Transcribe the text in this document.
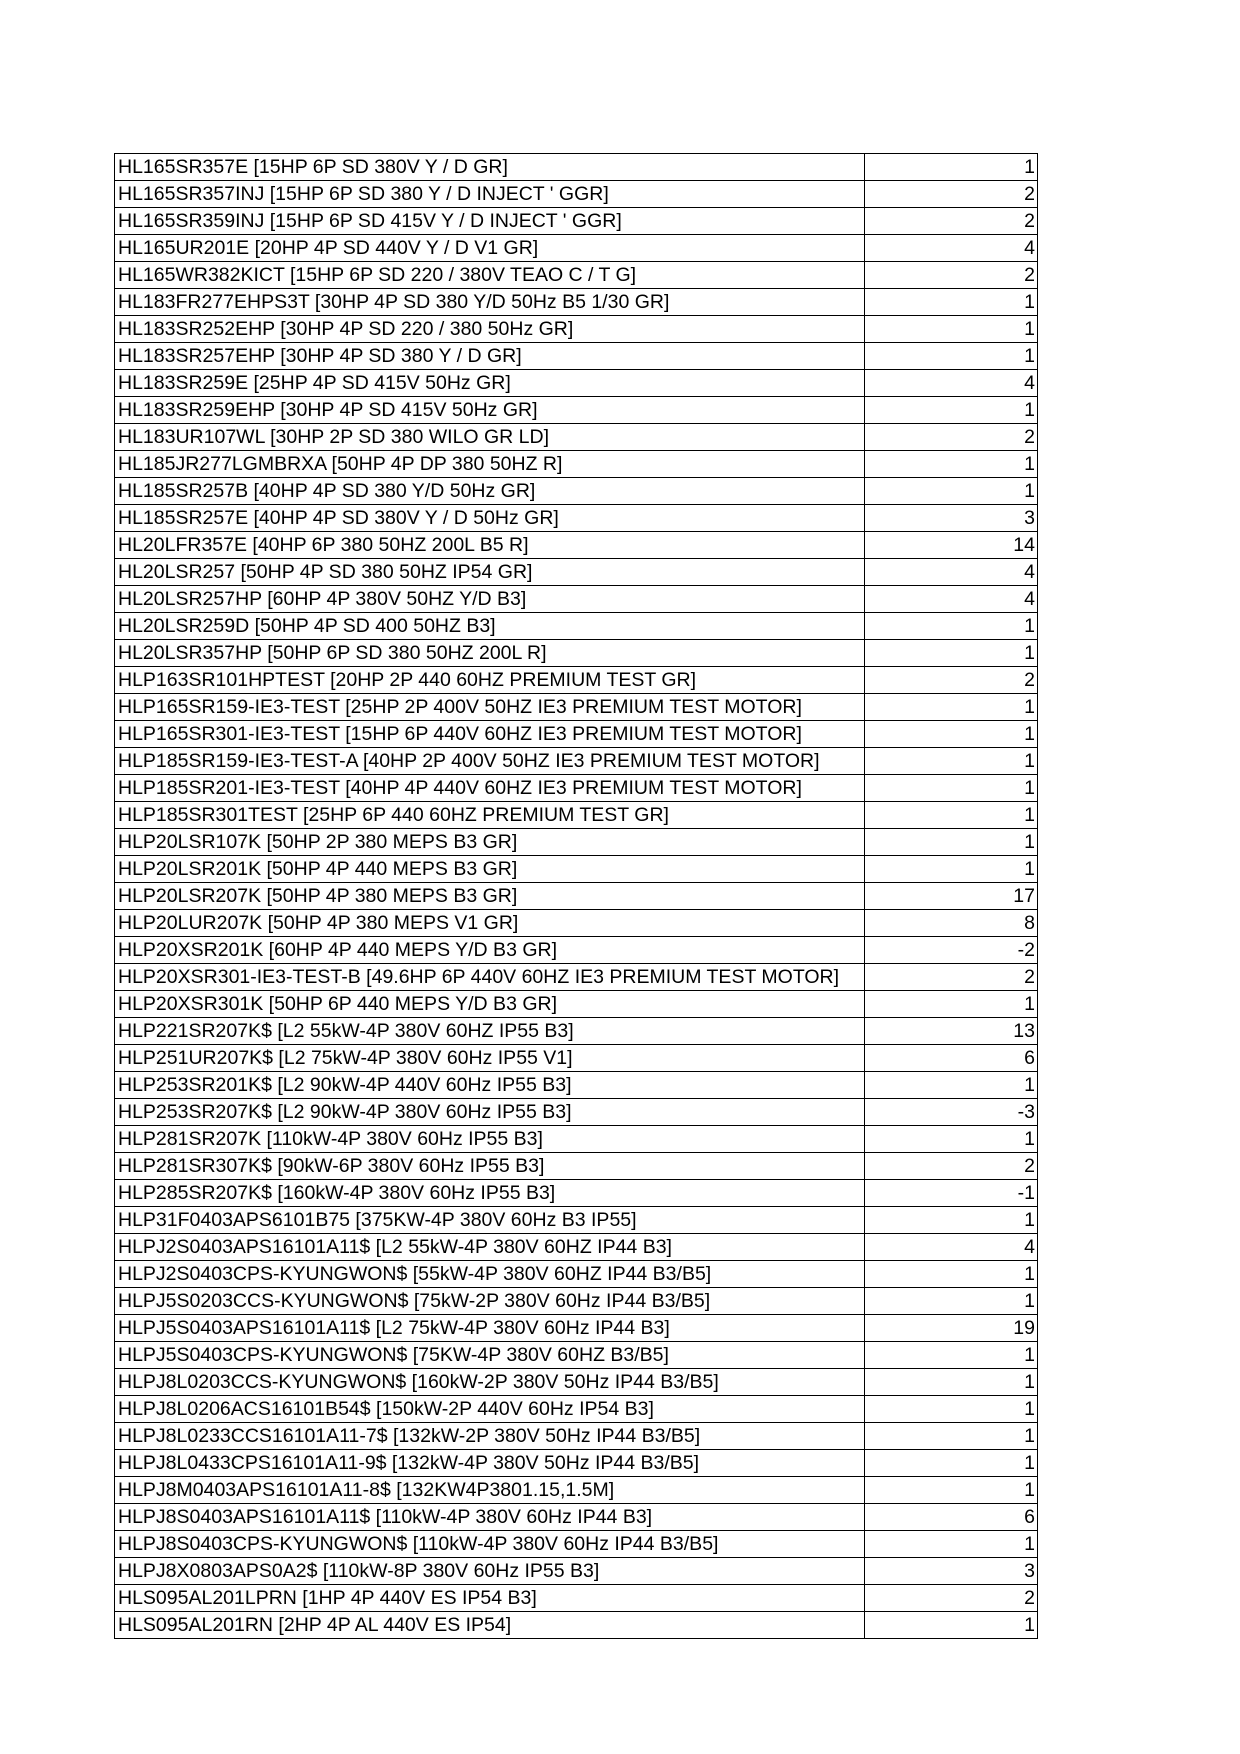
HL165SR357E [15HP 6P SD 380V Y / D GR]	1
HL165SR357INJ [15HP 6P SD 380 Y / D INJECT ' GGR]	2
HL165SR359INJ [15HP 6P SD 415V Y / D INJECT ' GGR]	2
HL165UR201E [20HP 4P SD 440V Y / D V1 GR]	4
HL165WR382KICT [15HP 6P SD 220 / 380V TEAO C / T G]	2
HL183FR277EHPS3T [30HP 4P SD 380 Y/D 50Hz B5 1/30 GR]	1
HL183SR252EHP [30HP 4P SD 220 / 380 50Hz GR]	1
HL183SR257EHP [30HP 4P SD 380 Y / D GR]	1
HL183SR259E [25HP 4P SD 415V 50Hz GR]	4
HL183SR259EHP [30HP 4P SD 415V 50Hz GR]	1
HL183UR107WL [30HP 2P SD 380 WILO GR LD]	2
HL185JR277LGMBRXA [50HP 4P DP 380 50HZ R]	1
HL185SR257B [40HP 4P SD 380 Y/D 50Hz GR]	1
HL185SR257E [40HP 4P SD 380V Y / D 50Hz GR]	3
HL20LFR357E [40HP 6P 380 50HZ 200L B5 R]	14
HL20LSR257 [50HP 4P SD 380 50HZ IP54 GR]	4
HL20LSR257HP [60HP 4P 380V 50HZ Y/D B3]	4
HL20LSR259D [50HP 4P SD 400 50HZ B3]	1
HL20LSR357HP [50HP 6P SD 380 50HZ 200L R]	1
HLP163SR101HPTEST [20HP 2P 440 60HZ PREMIUM TEST GR]	2
HLP165SR159-IE3-TEST [25HP 2P 400V 50HZ IE3 PREMIUM TEST MOTOR]	1
HLP165SR301-IE3-TEST [15HP 6P 440V 60HZ IE3 PREMIUM TEST MOTOR]	1
HLP185SR159-IE3-TEST-A [40HP 2P 400V 50HZ IE3 PREMIUM TEST MOTOR]	1
HLP185SR201-IE3-TEST [40HP 4P 440V 60HZ IE3 PREMIUM TEST MOTOR]	1
HLP185SR301TEST [25HP 6P 440 60HZ PREMIUM TEST GR]	1
HLP20LSR107K [50HP 2P 380 MEPS B3 GR]	1
HLP20LSR201K [50HP 4P 440 MEPS B3 GR]	1
HLP20LSR207K [50HP 4P 380 MEPS B3 GR]	17
HLP20LUR207K [50HP 4P 380 MEPS V1 GR]	8
HLP20XSR201K [60HP 4P 440 MEPS Y/D B3 GR]	-2
HLP20XSR301-IE3-TEST-B [49.6HP 6P 440V 60HZ IE3 PREMIUM TEST MOTOR]	2
HLP20XSR301K [50HP 6P 440 MEPS Y/D B3 GR]	1
HLP221SR207K$ [L2 55kW-4P 380V 60HZ IP55 B3]	13
HLP251UR207K$ [L2 75kW-4P 380V 60Hz IP55 V1]	6
HLP253SR201K$ [L2 90kW-4P 440V 60Hz IP55 B3]	1
HLP253SR207K$ [L2 90kW-4P 380V 60Hz IP55 B3]	-3
HLP281SR207K [110kW-4P 380V 60Hz IP55 B3]	1
HLP281SR307K$ [90kW-6P 380V 60Hz IP55 B3]	2
HLP285SR207K$ [160kW-4P 380V 60Hz IP55 B3]	-1
HLP31F0403APS6101B75 [375KW-4P 380V 60Hz B3 IP55]	1
HLPJ2S0403APS16101A11$ [L2 55kW-4P 380V 60HZ IP44 B3]	4
HLPJ2S0403CPS-KYUNGWON$ [55kW-4P 380V 60HZ IP44 B3/B5]	1
HLPJ5S0203CCS-KYUNGWON$ [75kW-2P 380V 60Hz IP44 B3/B5]	1
HLPJ5S0403APS16101A11$ [L2 75kW-4P 380V 60Hz IP44 B3]	19
HLPJ5S0403CPS-KYUNGWON$ [75KW-4P 380V 60HZ B3/B5]	1
HLPJ8L0203CCS-KYUNGWON$ [160kW-2P 380V 50Hz IP44 B3/B5]	1
HLPJ8L0206ACS16101B54$ [150kW-2P 440V 60Hz IP54 B3]	1
HLPJ8L0233CCS16101A11-7$ [132kW-2P 380V 50Hz IP44 B3/B5]	1
HLPJ8L0433CPS16101A11-9$ [132kW-4P 380V 50Hz IP44 B3/B5]	1
HLPJ8M0403APS16101A11-8$ [132KW4P3801.15,1.5M]	1
HLPJ8S0403APS16101A11$ [110kW-4P 380V 60Hz IP44 B3]	6
HLPJ8S0403CPS-KYUNGWON$ [110kW-4P 380V 60Hz IP44 B3/B5]	1
HLPJ8X0803APS0A2$ [110kW-8P 380V 60Hz IP55 B3]	3
HLS095AL201LPRN [1HP 4P 440V ES IP54 B3]	2
HLS095AL201RN [2HP 4P AL 440V ES IP54]	1
